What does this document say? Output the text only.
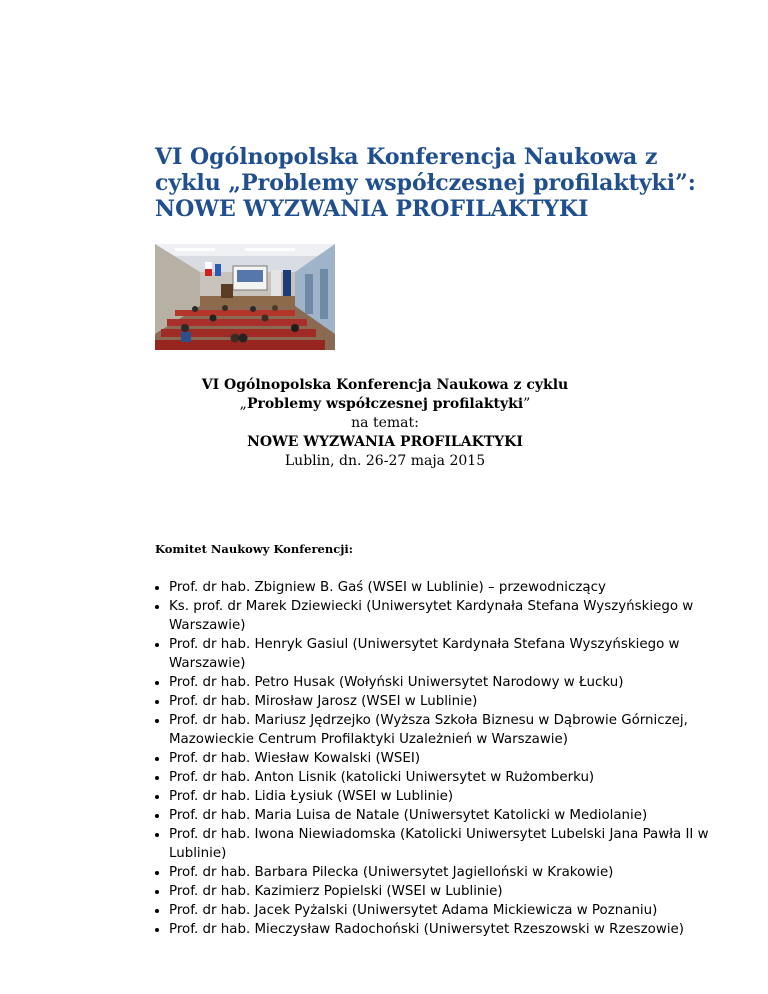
VI Ogólnopolska Konferencja Naukowa z
cyklu „Problemy współczesnej profilaktyki”:
NOWE WYZWANIA PROFILAKTYKI
VI Ogólnopolska Konferencja Naukowa z cyklu
„Problemy współczesnej profilaktyki”
na temat:
NOWE WYZWANIA PROFILAKTYKI
Lublin, dn. 26-27 maja 2015

Komitet Naukowy Konferencji:

• Prof. dr hab. Zbigniew B. Gaś (WSEI w Lublinie) – przewodniczący
• Ks. prof. dr Marek Dziewiecki (Uniwersytet Kardynała Stefana Wyszyńskiego w Warszawie)
• Prof. dr hab. Henryk Gasiul (Uniwersytet Kardynała Stefana Wyszyńskiego w Warszawie)
• Prof. dr hab. Petro Husak (Wołyński Uniwersytet Narodowy w Łucku)
• Prof. dr hab. Mirosław Jarosz (WSEI w Lublinie)
• Prof. dr hab. Mariusz Jędrzejko (Wyższa Szkoła Biznesu w Dąbrowie Górniczej, Mazowieckie Centrum Profilaktyki Uzależnień w Warszawie)
• Prof. dr hab. Wiesław Kowalski (WSEI)
• Prof. dr hab. Anton Lisnik (katolicki Uniwersytet w Rużomberku)
• Prof. dr hab. Lidia Łysiuk (WSEI w Lublinie)
• Prof. dr hab. Maria Luisa de Natale (Uniwersytet Katolicki w Mediolanie)
• Prof. dr hab. Iwona Niewiadomska (Katolicki Uniwersytet Lubelski Jana Pawła II w Lublinie)
• Prof. dr hab. Barbara Pilecka (Uniwersytet Jagielloński w Krakowie)
• Prof. dr hab. Kazimierz Popielski (WSEI w Lublinie)
• Prof. dr hab. Jacek Pyżalski (Uniwersytet Adama Mickiewicza w Poznaniu)
• Prof. dr hab. Mieczysław Radochoński (Uniwersytet Rzeszowski w Rzeszowie)
